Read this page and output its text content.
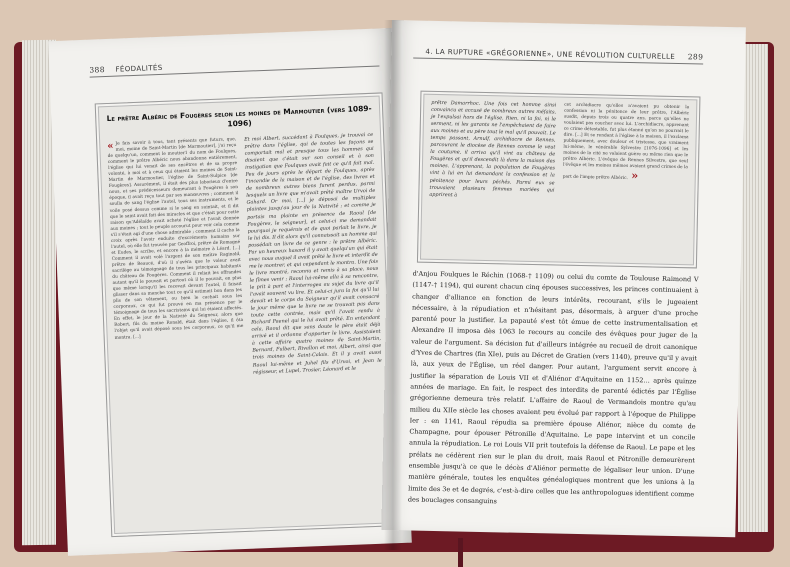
388 FÉODALITÉS
Le prêtre Albéric de Fougères selon les moines de Marmoutier (vers 1089-1096)
« Je fais savoir à tous, tant présents que futurs, que, moi, moine de Saint-Martin [de Marmoutier], j'ai reçu de quelqu'un, comment le moutier1 du nom de Foulques, comment le prêtre Albéric nous abandonna entièrement, l'église qui lui venait de ses ancêtres et de sa propre volonté, à moi et à ceux qui étaient les moines de Saint-Martin de Marmoutier, l'église de Saint-Sulpice [de Fougères]. Assurément, il était des plus laborieux d'entre nous, et ses prédécesseurs demeurant à Fougères à son époque, il avait reçu tout par ses manœuvres ; comment il soulla de sang l'église l'autel, tous ses instruments, et le voile posé dessus comme si le sang en suintait, et il dit que le saint avait fait des miracles et que c'était pour cette raison qu'Adélaïde avait acheté l'église et l'avait donnée aux moines ; tout le peuple accourut pour voir cela comme s'il s'était agi d'une chose admirable ; comment il cacha la croix après l'avoir enduite d'excréments humains sur l'autel, où elle fut trouvée par Geoffroi, prêtre de Romagné et Eudes, le scribe, et encore à la mémoire à Léard. [...] Comment il avait volé l'argent de son maître Raginald, prêtre de Beaucé, d'où il s'avéra que le voleur avait sacrilège au témoignage de tous les principaux habitants du château de Fougères. Comment il reliait les offrandes autant qu'il le pouvait et partout où il le pouvait, en plus que même lorsqu'il les recevait devant l'autel, il faisait glisser dans sa manche tout ce qu'il estimait bon dans les plis de son vêtement, ou bien le cachait sous les corporaux, ce qui fut prouvé en ma présence par le témoignage de tous les sacristains qui lui étaient affectés. En effet, le jour de la Nativité du Seigneur, alors que Robert, fils du moine Ronald, était dans l'église, il ôta l'objet qu'il avait déposé sous les corporaux, ce qu'il me montra. [...]
Et moi Albert, succédant à Foulques, je trouvai ce prêtre dans l'église, qui de toutes les façons se comportait mal et presque tous les hommes qui disaient que c'était sur son conseil et à son instigation que Foulques avait fait ce qu'il fait mal. Peu de jours après le départ de Foulques, après l'incendie de la maison et de l'église, des livres et de nombreux autres biens furent perdus, parmi lesquels un livre que m'avait prêté maître Urvoi de Gahard. Or moi, [...] je déposai de multiples plaintes jusqu'au jour de la Nativité ; et comme je portais ma plainte en présence de Raoul [de Fougères, le seigneur], et celui-ci me demandait pourquoi je requérais et de quoi parlait le livre, je le lui dis. Il dit alors qu'il connaissait un homme qui possédait un livre de ce genre : le prêtre Albéric. Par un heureux hasard il y avait quelqu'un qui était avec nous auquel il avait prêté le livre et interdit de me le montrer, et qui cependant le montra. Une fois le livre montré, reconnu et remis à sa place, nous le fîmes venir ; Raoul lui-même alla à sa rencontre, le prit à part et l'interrogea au sujet du livre qu'il l'avait souvent vu lire. Et celui-ci jura la foi qu'il lui devait et le corps du Seigneur qu'il avait consacré le jour même que le livre ne se trouvait pas dans toute cette contrée, mais qu'il l'avait rendu à Richard Paenel qui le lui avait prêté. En entendant cela, Raoul dit que sans doute le père était déjà arrivé et il ordonna d'apporter le livre. Assistaient à cette affaire quatre moines de Saint-Martin, Bernard, Fulbert, Rivallon et moi, Albert, ainsi que trois moines de Saint-Calais. Et il y avait aussi Raoul lui-même et Juhel fils d'Urvoi, et Jean le régisseur, et Lupel, Trosier, Léonard et le
4. LA RUPTURE «GRÉGORIENNE», UNE RÉVOLUTION CULTURELLE 289
prêtre Damarrhoc. Une fois cet homme ainsi convaincu et accusé de nombreux autres méfaits, je l'expulsai hors de l'église. Rien, ni la foi, ni le serment, ni les garants ne l'empêchaient de faire aux moines et au père tout le mal qu'il pouvait. Le temps passant, Arnulf, archidiacre de Rennes, parcourant le diocèse de Rennes comme le veut la coutume, il arriva qu'il vint au château de Fougères et qu'il descendit là dans la maison des moines. L'apprenant, la population de Fougères vint à lui en lui demandant la confession et la pénitence pour leurs péchés. Parmi eux se trouvaient plusieurs femmes mariées qui apprirent à
cet archidiacre qu'elles n'avaient pu obtenir la confession ni la pénitence de leur prêtre, l'Albéric susdit, depuis trois ou quatre ans, parce qu'elles ne voulaient pas coucher avec lui. L'archidiacre, apprenant ce crime détestable, fut plus étonné qu'on ne pourrait le dire. [...] Et se rendant à l'église à la maison, il l'exclama publiquement, avec douleur et tristesse, que vraiment lui-même, le vénérable Sylvestre [1076-1096] et les moines de la cité ne valaient guère ou même rien que le prêtre Albéric. L'évêque de Rennes Silvestre, que seul l'évêque et les moines mêmes avaient grand crimes de la part de l'impie prêtre Albéric. »
d'Anjou Foulques le Réchin (1068-† 1109) ou celui du comte de Toulouse Raimond V (1147-† 1194), qui eurent chacun cinq épouses successives, les princes continuaient à changer d'alliance en fonction de leurs intérêts, recourant, s'ils le jugeaient nécessaire, à la répudiation et n'hésitant pas, désormais, à arguer d'une proche parenté pour la justifier. La papauté s'est tôt émue de cette instrumentalisation et Alexandre II imposa dès 1063 le recours au concile des évêques pour juger de la valeur de l'argument. Sa décision fut d'ailleurs intégrée au recueil de droit canonique d'Yves de Chartres (fin XIe), puis au Décret de Gratien (vers 1140), preuve qu'il y avait là, aux yeux de l'Église, un réel danger. Pour autant, l'argument servit encore à justifier la séparation de Louis VII et d'Aliénor d'Aquitaine en 1152… après quinze années de mariage. En fait, le respect des interdits de parenté édictés par l'Église grégorienne demeura très relatif. L'affaire de Raoul de Vermandois montre qu'au milieu du XIIe siècle les choses avaient peu évolué par rapport à l'époque de Philippe Ier : en 1141, Raoul répudia sa première épouse Aliénor, nièce du comte de Champagne, pour épouser Pétronille d'Aquitaine. Le pape intervint et un concile annula la répudiation. Le roi Louis VII prit toutefois la défense de Raoul. Le pape et les prélats ne cédèrent rien sur le plan du droit, mais Raoul et Pétronille demeurèrent ensemble jusqu'à ce que le décès d'Aliénor permette de légaliser leur union. D'une manière générale, toutes les enquêtes généalogiques montrent que les unions à la limite des 3e et 4e degrés, c'est-à-dire celles que les anthropologues identifient comme des bouclages consanguins
